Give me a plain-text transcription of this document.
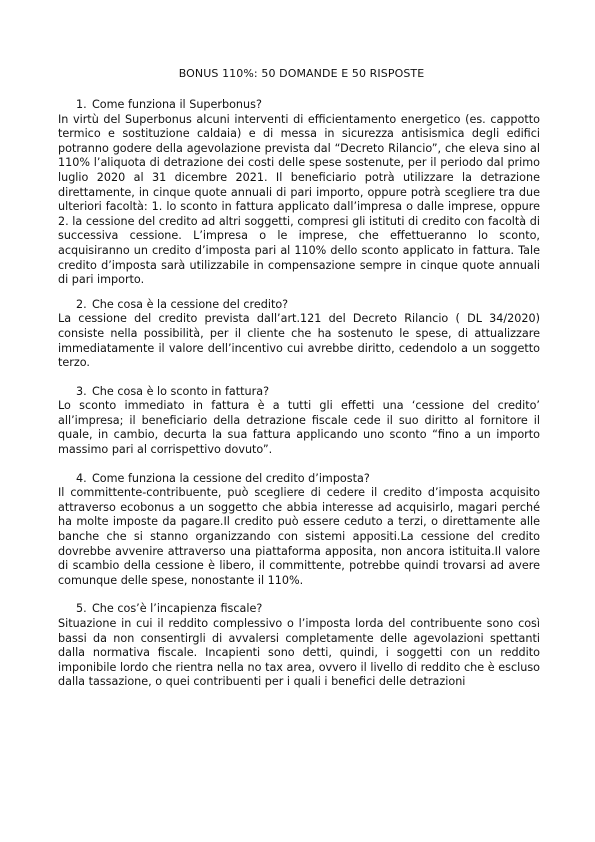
BONUS 110%: 50 DOMANDE E 50 RISPOSTE
1. Come funziona il Superbonus?

In virtù del Superbonus alcuni interventi di efficientamento energetico (es. cappotto termico e sostituzione caldaia) e di messa in sicurezza antisismica degli edifici potranno godere della agevolazione prevista dal “Decreto Rilancio”, che eleva sino al 110% l’aliquota di detrazione dei costi delle spese sostenute, per il periodo dal primo luglio 2020 al 31 dicembre 2021. Il beneficiario potrà utilizzare la detrazione direttamente, in cinque quote annuali di pari importo, oppure potrà scegliere tra due ulteriori facoltà: 1. lo sconto in fattura applicato dall’impresa o dalle imprese, oppure 2. la cessione del credito ad altri soggetti, compresi gli istituti di credito con facoltà di successiva cessione. L’impresa o le imprese, che effettueranno lo sconto, acquisiranno un credito d’imposta pari al 110% dello sconto applicato in fattura. Tale credito d’imposta sarà utilizzabile in compensazione sempre in cinque quote annuali di pari importo.

2. Che cosa è la cessione del credito?

La cessione del credito prevista dall’art.121 del Decreto Rilancio ( DL 34/2020) consiste nella possibilità, per il cliente che ha sostenuto le spese, di attualizzare immediatamente il valore dell’incentivo cui avrebbe diritto, cedendolo a un soggetto terzo.

3. Che cosa è lo sconto in fattura?

Lo sconto immediato in fattura è a tutti gli effetti una ‘cessione del credito’ all’impresa; il beneficiario della detrazione fiscale cede il suo diritto al fornitore il quale, in cambio, decurta la sua fattura applicando uno sconto “fino a un importo massimo pari al corrispettivo dovuto”.

4. Come funziona la cessione del credito d’imposta?

Il committente-contribuente, può scegliere di cedere il credito d’imposta acquisito attraverso ecobonus a un soggetto che abbia interesse ad acquisirlo, magari perché ha molte imposte da pagare.Il credito può essere ceduto a terzi, o direttamente alle banche che si stanno organizzando con sistemi appositi.La cessione del credito dovrebbe avvenire attraverso una piattaforma apposita, non ancora istituita.Il valore di scambio della cessione è libero, il committente, potrebbe quindi trovarsi ad avere comunque delle spese, nonostante il 110%.

5. Che cos’è l’incapienza fiscale?

Situazione in cui il reddito complessivo o l’imposta lorda del contribuente sono così bassi da non consentirgli di avvalersi completamente delle agevolazioni spettanti dalla normativa fiscale. Incapienti sono detti, quindi, i soggetti con un reddito imponibile lordo che rientra nella no tax area, ovvero il livello di reddito che è escluso dalla tassazione, o quei contribuenti per i quali i benefici delle detrazioni
